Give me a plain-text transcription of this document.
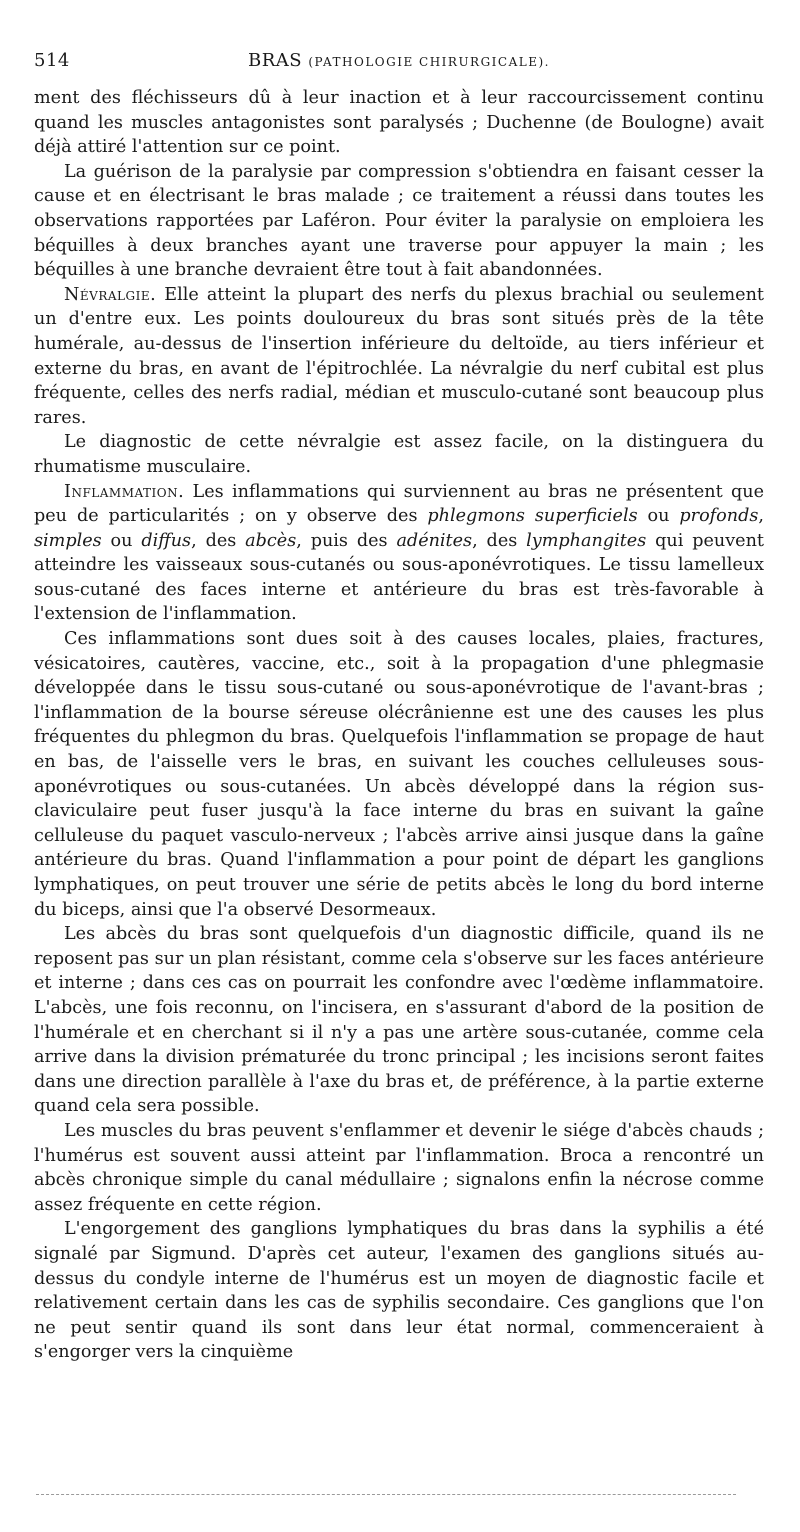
514	BRAS (PATHOLOGIE CHIRURGICALE).

ment des fléchisseurs dû à leur inaction et à leur raccourcissement continu quand les muscles antagonistes sont paralysés ; Duchenne (de Boulogne) avait déjà attiré l'attention sur ce point.

La guérison de la paralysie par compression s'obtiendra en faisant cesser la cause et en électrisant le bras malade ; ce traitement a réussi dans toutes les observations rapportées par Laféron. Pour éviter la paralysie on emploiera les béquilles à deux branches ayant une traverse pour appuyer la main ; les béquilles à une branche devraient être tout à fait abandonnées.

Névralgie. Elle atteint la plupart des nerfs du plexus brachial ou seulement un d'entre eux. Les points douloureux du bras sont situés près de la tête humérale, au-dessus de l'insertion inférieure du deltoïde, au tiers inférieur et externe du bras, en avant de l'épitrochlée. La névralgie du nerf cubital est plus fréquente, celles des nerfs radial, médian et musculo-cutané sont beaucoup plus rares.

Le diagnostic de cette névralgie est assez facile, on la distinguera du rhumatisme musculaire.

Inflammation. Les inflammations qui surviennent au bras ne présentent que peu de particularités ; on y observe des phlegmons superficiels ou profonds, simples ou diffus, des abcès, puis des adénites, des lymphangites qui peuvent atteindre les vaisseaux sous-cutanés ou sous-aponévrotiques. Le tissu lamelleux sous-cutané des faces interne et antérieure du bras est très-favorable à l'extension de l'inflammation.

Ces inflammations sont dues soit à des causes locales, plaies, fractures, vésicatoires, cautères, vaccine, etc., soit à la propagation d'une phlegmasie développée dans le tissu sous-cutané ou sous-aponévrotique de l'avant-bras ; l'inflammation de la bourse séreuse olécrânienne est une des causes les plus fréquentes du phlegmon du bras. Quelquefois l'inflammation se propage de haut en bas, de l'aisselle vers le bras, en suivant les couches celluleuses sous-aponévrotiques ou sous-cutanées. Un abcès développé dans la région sus-claviculaire peut fuser jusqu'à la face interne du bras en suivant la gaîne celluleuse du paquet vasculo-nerveux ; l'abcès arrive ainsi jusque dans la gaîne antérieure du bras. Quand l'inflammation a pour point de départ les ganglions lymphatiques, on peut trouver une série de petits abcès le long du bord interne du biceps, ainsi que l'a observé Desormeaux.

Les abcès du bras sont quelquefois d'un diagnostic difficile, quand ils ne reposent pas sur un plan résistant, comme cela s'observe sur les faces antérieure et interne ; dans ces cas on pourrait les confondre avec l'œdème inflammatoire. L'abcès, une fois reconnu, on l'incisera, en s'assurant d'abord de la position de l'humérale et en cherchant si il n'y a pas une artère sous-cutanée, comme cela arrive dans la division prématurée du tronc principal ; les incisions seront faites dans une direction parallèle à l'axe du bras et, de préférence, à la partie externe quand cela sera possible.

Les muscles du bras peuvent s'enflammer et devenir le siége d'abcès chauds ; l'humérus est souvent aussi atteint par l'inflammation. Broca a rencontré un abcès chronique simple du canal médullaire ; signalons enfin la nécrose comme assez fréquente en cette région.

L'engorgement des ganglions lymphatiques du bras dans la syphilis a été signalé par Sigmund. D'après cet auteur, l'examen des ganglions situés au-dessus du condyle interne de l'humérus est un moyen de diagnostic facile et relativement certain dans les cas de syphilis secondaire. Ces ganglions que l'on ne peut sentir quand ils sont dans leur état normal, commenceraient à s'engorger vers la cinquième
